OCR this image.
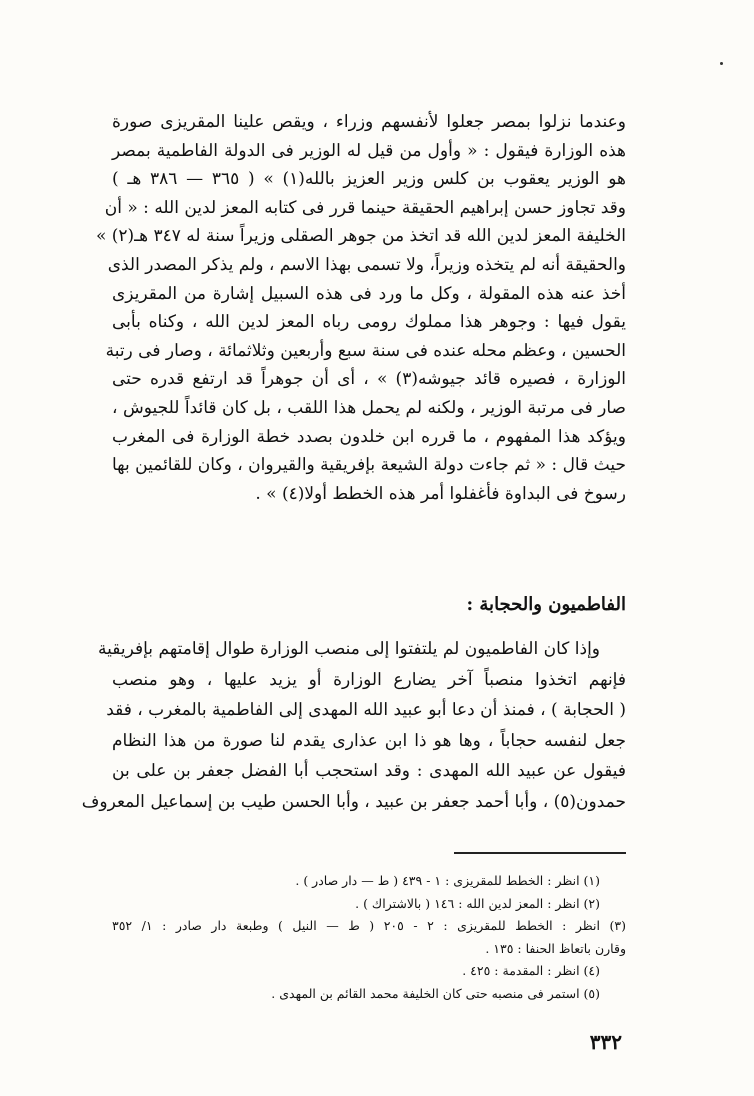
وعندما نزلوا بمصر جعلوا لأنفسهم وزراء ، ويقص علينا المقريزى صورة
هذه الوزارة فيقول : « وأول من قيل له الوزير فى الدولة الفاطمية بمصر
هو الوزير يعقوب بن كلس وزير العزيز بالله(١) » ( ٣٦٥ — ٣٨٦ هـ )
وقد تجاوز حسن إبراهيم الحقيقة حينما قرر فى كتابه المعز لدين الله : « أن
الخليفة المعز لدين الله قد اتخذ من جوهر الصقلى وزيراً سنة له ٣٤٧ هـ(٢) »
والحقيقة أنه لم يتخذه وزيراً، ولا تسمى بهذا الاسم ، ولم يذكر المصدر الذى
أخذ عنه هذه المقولة ، وكل ما ورد فى هذه السبيل إشارة من المقريزى
يقول فيها : وجوهر هذا مملوك رومى رباه المعز لدين الله ، وكناه بأبى
الحسين ، وعظم محله عنده فى سنة سبع وأربعين وثلاثمائة ، وصار فى رتبة
الوزارة ، فصيره قائد جيوشه(٣) » ، أى أن جوهراً قد ارتفع قدره حتى
صار فى مرتبة الوزير ، ولكنه لم يحمل هذا اللقب ، بل كان قائداً للجيوش ،
ويؤكد هذا المفهوم ، ما قرره ابن خلدون بصدد خطة الوزارة فى المغرب
حيث قال : « ثم جاءت دولة الشيعة بإفريقية والقيروان ، وكان للقائمين بها
رسوخ فى البداوة فأغفلوا أمر هذه الخطط أولا(٤) » .
الفاطميون والحجابة :
وإذا كان الفاطميون لم يلتفتوا إلى منصب الوزارة طوال إقامتهم بإفريقية
فإنهم اتخذوا منصباً آخر يضارع الوزارة أو يزيد عليها ، وهو منصب
( الحجابة ) ، فمنذ أن دعا أبو عبيد الله المهدى إلى الفاطمية بالمغرب ، فقد
جعل لنفسه حجاباً ، وها هو ذا ابن عذارى يقدم لنا صورة من هذا النظام
فيقول عن عبيد الله المهدى : وقد استحجب أبا الفضل جعفر بن على بن
حمدون(٥) ، وأبا أحمد جعفر بن عبيد ، وأبا الحسن طيب بن إسماعيل المعروف
(١) انظر : الخطط للمقريزى : ١ - ٤٣٩ ( ط — دار صادر ) .
(٢) انظر : المعز لدين الله : ١٤٦ ( بالاشتراك ) .
(٣) انظر : الخطط للمقريزى : ٢ - ٢٠٥ ( ط — النيل ) وطبعة دار صادر : ١/ ٣٥٢
وقارن باتعاظ الحنفا : ١٣٥ .
(٤) انظر : المقدمة : ٤٢٥ .
(٥) استمر فى منصبه حتى كان الخليفة محمد القائم بن المهدى .
٣٣٢
